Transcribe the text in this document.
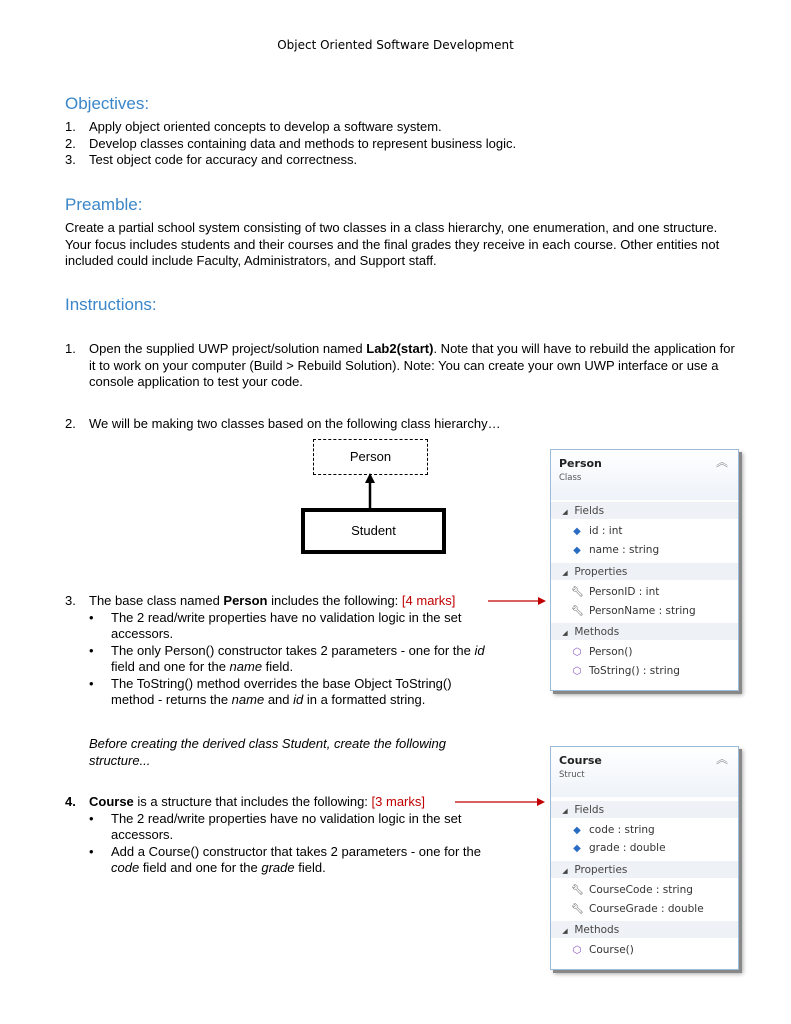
Object Oriented Software Development
Objectives:
1. Apply object oriented concepts to develop a software system.
2. Develop classes containing data and methods to represent business logic.
3. Test object code for accuracy and correctness.
Preamble:
Create a partial school system consisting of two classes in a class hierarchy, one enumeration, and one structure. Your focus includes students and their courses and the final grades they receive in each course. Other entities not included could include Faculty, Administrators, and Support staff.
Instructions:
1. Open the supplied UWP project/solution named Lab2(start). Note that you will have to rebuild the application for it to work on your computer (Build > Rebuild Solution). Note: You can create your own UWP interface or use a console application to test your code.
2. We will be making two classes based on the following class hierarchy…
Person
Student
3. The base class named Person includes the following: [4 marks]
• The 2 read/write properties have no validation logic in the set accessors.
• The only Person() constructor takes 2 parameters - one for the id field and one for the name field.
• The ToString() method overrides the base Object ToString() method - returns the name and id in a formatted string.
Before creating the derived class Student, create the following structure...
4. Course is a structure that includes the following: [3 marks]
• The 2 read/write properties have no validation logic in the set accessors.
• Add a Course() constructor that takes 2 parameters - one for the code field and one for the grade field.
Person
Class
︽
◢ Fields
◆ id : int
◆ name : string
◢ Properties
🔧︎ PersonID : int
🔧︎ PersonName : string
◢ Methods
⬡ Person()
⬡ ToString() : string
Course
Struct
︽
◢ Fields
◆ code : string
◆ grade : double
◢ Properties
🔧︎ CourseCode : string
🔧︎ CourseGrade : double
◢ Methods
⬡ Course()
